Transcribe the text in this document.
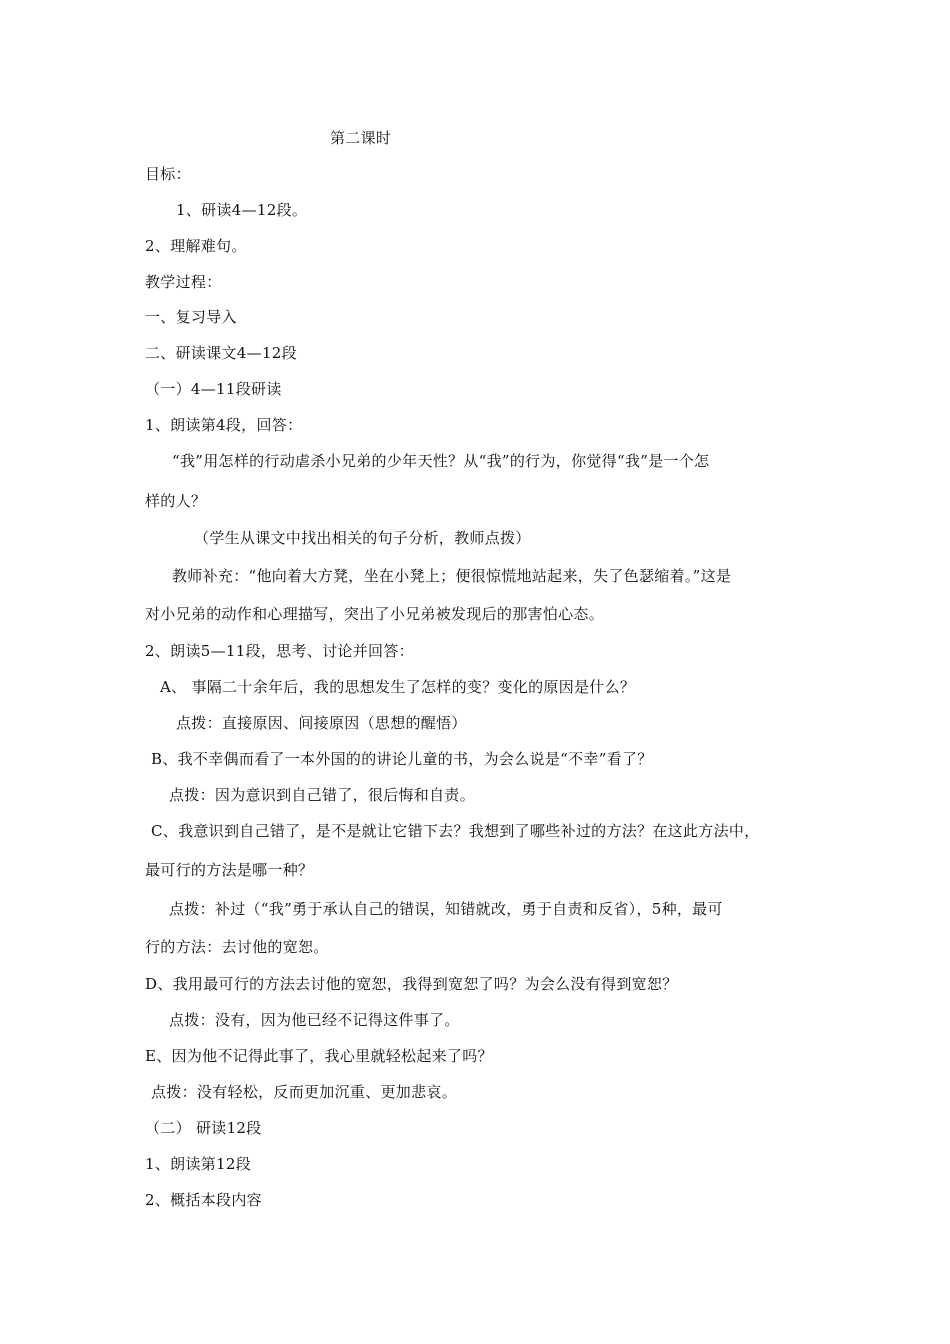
第二课时
目标：
1、研读4—12段。
2、理解难句。
教学过程：
一、复习导入
二、研读课文4—12段
（一）4—11段研读
1、朗读第4段，回答：
“我”用怎样的行动虐杀小兄弟的少年天性？从“我”的行为，你觉得“我”是一个怎
样的人？
（学生从课文中找出相关的句子分析，教师点拨）
教师补充：“他向着大方凳，坐在小凳上；便很惊慌地站起来，失了色瑟缩着。”这是
对小兄弟的动作和心理描写，突出了小兄弟被发现后的那害怕心态。
2、朗读5—11段，思考、讨论并回答：
A、 事隔二十余年后，我的思想发生了怎样的变？变化的原因是什么？
点拨：直接原因、间接原因（思想的醒悟）
B、我不幸偶而看了一本外国的的讲论儿童的书，为会么说是“不幸”看了？
点拨：因为意识到自己错了，很后悔和自责。
C、我意识到自己错了，是不是就让它错下去？我想到了哪些补过的方法？在这此方法中，
最可行的方法是哪一种？
点拨：补过（“我”勇于承认自己的错误，知错就改，勇于自责和反省），5种，最可
行的方法：去讨他的宽恕。
D、我用最可行的方法去讨他的宽恕，我得到宽恕了吗？为会么没有得到宽恕？
点拨：没有，因为他已经不记得这件事了。
E、因为他不记得此事了，我心里就轻松起来了吗？
点拨：没有轻松，反而更加沉重、更加悲哀。
（二） 研读12段
1、朗读第12段
2、概括本段内容
